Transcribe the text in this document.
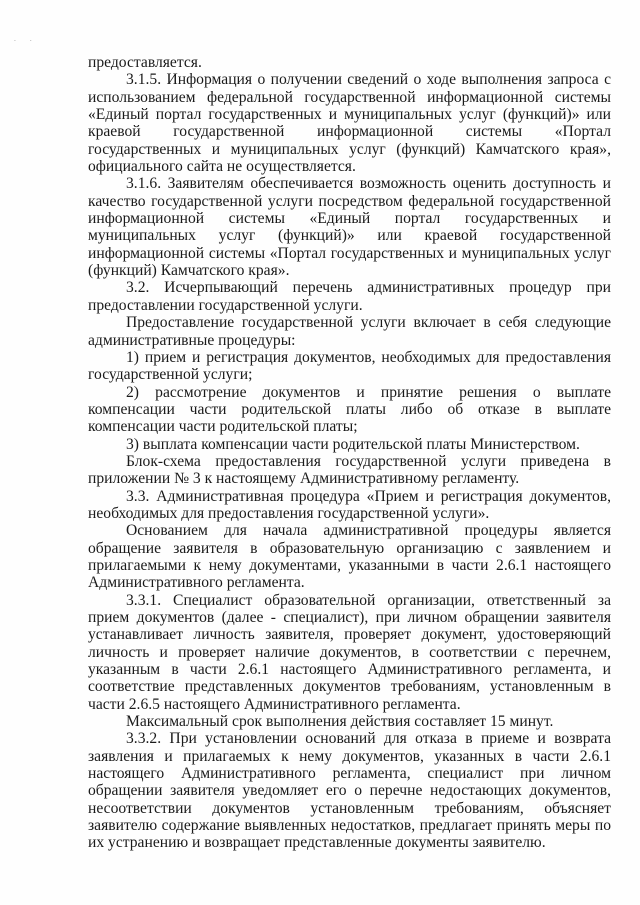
· ·

предоставляется.

3.1.5. Информация о получении сведений о ходе выполнения запроса с использованием федеральной государственной информационной системы «Единый портал государственных и муниципальных услуг (функций)» или краевой государственной информационной системы «Портал государственных и муниципальных услуг (функций) Камчатского края», официального сайта не осуществляется.

3.1.6. Заявителям обеспечивается возможность оценить доступность и качество государственной услуги посредством федеральной государственной информационной системы «Единый портал государственных и муниципальных услуг (функций)» или краевой государственной информационной системы «Портал государственных и муниципальных услуг (функций) Камчатского края».

3.2. Исчерпывающий перечень административных процедур при предоставлении государственной услуги.

Предоставление государственной услуги включает в себя следующие административные процедуры:

1) прием и регистрация документов, необходимых для предоставления государственной услуги;

2) рассмотрение документов и принятие решения о выплате компенсации части родительской платы либо об отказе в выплате компенсации части родительской платы;

3) выплата компенсации части родительской платы Министерством.

Блок-схема предоставления государственной услуги приведена в приложении № 3 к настоящему Административному регламенту.

3.3. Административная процедура «Прием и регистрация документов, необходимых для предоставления государственной услуги».

Основанием для начала административной процедуры является обращение заявителя в образовательную организацию с заявлением и прилагаемыми к нему документами, указанными в части 2.6.1 настоящего Административного регламента.

3.3.1. Специалист образовательной организации, ответственный за прием документов (далее - специалист), при личном обращении заявителя устанавливает личность заявителя, проверяет документ, удостоверяющий личность и проверяет наличие документов, в соответствии с перечнем, указанным в части 2.6.1 настоящего Административного регламента, и соответствие представленных документов требованиям, установленным в части 2.6.5 настоящего Административного регламента.

Максимальный срок выполнения действия составляет 15 минут.

3.3.2. При установлении оснований для отказа в приеме и возврата заявления и прилагаемых к нему документов, указанных в части 2.6.1 настоящего Административного регламента, специалист при личном обращении заявителя уведомляет его о перечне недостающих документов, несоответствии документов установленным требованиям, объясняет заявителю содержание выявленных недостатков, предлагает принять меры по их устранению и возвращает представленные документы заявителю.
